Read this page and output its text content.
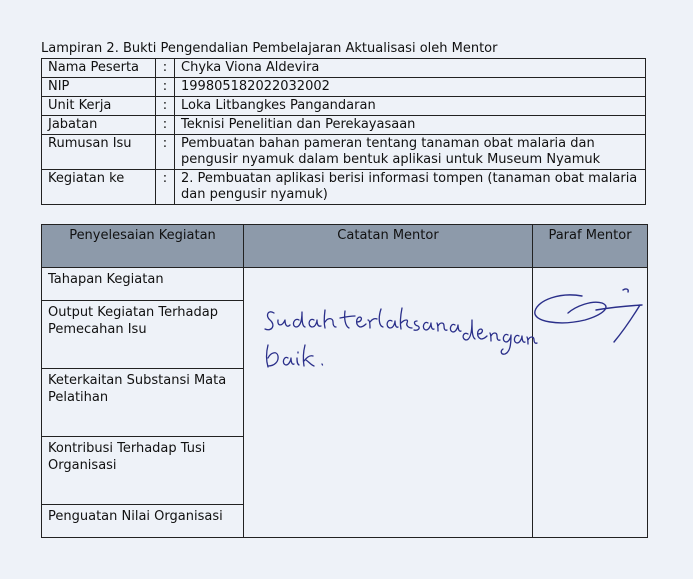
Lampiran 2. Bukti Pengendalian Pembelajaran Aktualisasi oleh Mentor
Nama Peserta	:	Chyka Viona Aldevira
NIP	:	199805182022032002
Unit Kerja	:	Loka Litbangkes Pangandaran
Jabatan	:	Teknisi Penelitian dan Perekayasaan
Rumusan Isu	:	Pembuatan bahan pameran tentang tanaman obat malaria dan pengusir nyamuk dalam bentuk aplikasi untuk Museum Nyamuk
Kegiatan ke	:	2. Pembuatan aplikasi berisi informasi tompen (tanaman obat malaria dan pengusir nyamuk)
Penyelesaian Kegiatan	Catatan Mentor	Paraf Mentor
Tahapan Kegiatan	

Output Kegiatan Terhadap Pemecahan Isu		
Keterkaitan Substansi Mata Pelatihan		
Kontribusi Terhadap Tusi Organisasi		
Penguatan Nilai Organisasi		
